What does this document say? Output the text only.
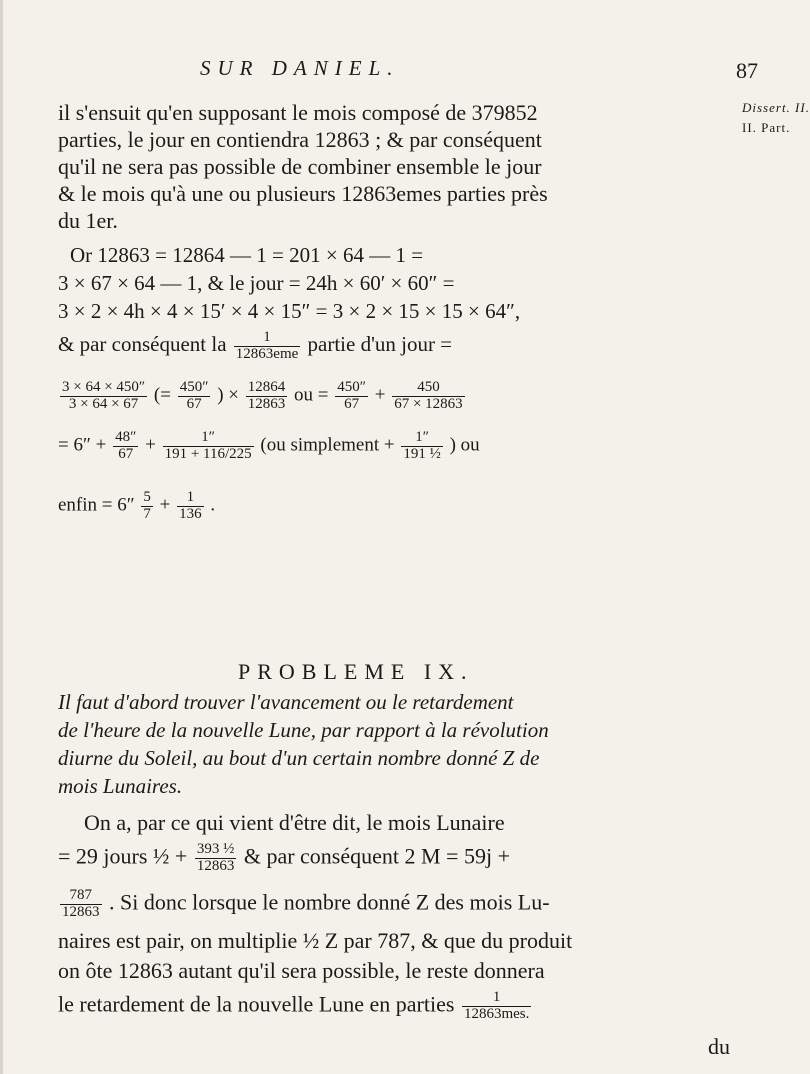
SUR DANIEL.	87
Dissert. II.
II. Part.
il s'ensuit qu'en supposant le mois composé de 379852
parties, le jour en contiendra 12863 ; & par conséquent
qu'il ne sera pas possible de combiner ensemble le jour
& le mois qu'à une ou plusieurs 12863emes parties près
du 1er.
Or 12863 = 12864 — 1 = 201 × 64 — 1 =
3 × 67 × 64 — 1, & le jour = 24h × 60′ × 60″ =
3 × 2 × 4h × 4 × 15′ × 4 × 15″ = 3 × 2 × 15 × 15 × 64″,
& par conséquent la $\frac{1}{\text{12863eme}}$ partie d'un jour =
$\frac{3 \times 64 \times 450''}{3 \times 64 \times 67}$ (= $\frac{450''}{67}$ ) × $\frac{12864}{12863}$ ou = $\frac{450''}{67} + \frac{450}{67 \times 12863}$
= $6'' + \frac{48''}{67} + \frac{1''}{191 + 116/225} (ou$ simplement + $\frac{1''}{\text{191 ½}}$ ) ou
enfin = $6'' \frac{5}{7} + \frac{1}{136}$ .
PROBLEME IX.
Il faut d'abord trouver l'avancement ou le retardement
de l'heure de la nouvelle Lune, par rapport à la révolution
diurne du Soleil, au bout d'un certain nombre donné Z de
mois Lunaires.
On a, par ce qui vient d'être dit, le mois Lunaire
= 29 jours ½ + $\frac{\text{393 ½}}{12863}$ & par conséquent 2 M = 59j +
$\frac{787}{12863}$ . Si donc lorsque le nombre donné Z des mois Lu-
naires est pair, on multiplie ½ Z par 787, & que du produit
on ôte 12863 autant qu'il sera possible, le reste donnera
le retardement de la nouvelle Lune en parties $\frac{1}{\text{12863mes.}}$
du
